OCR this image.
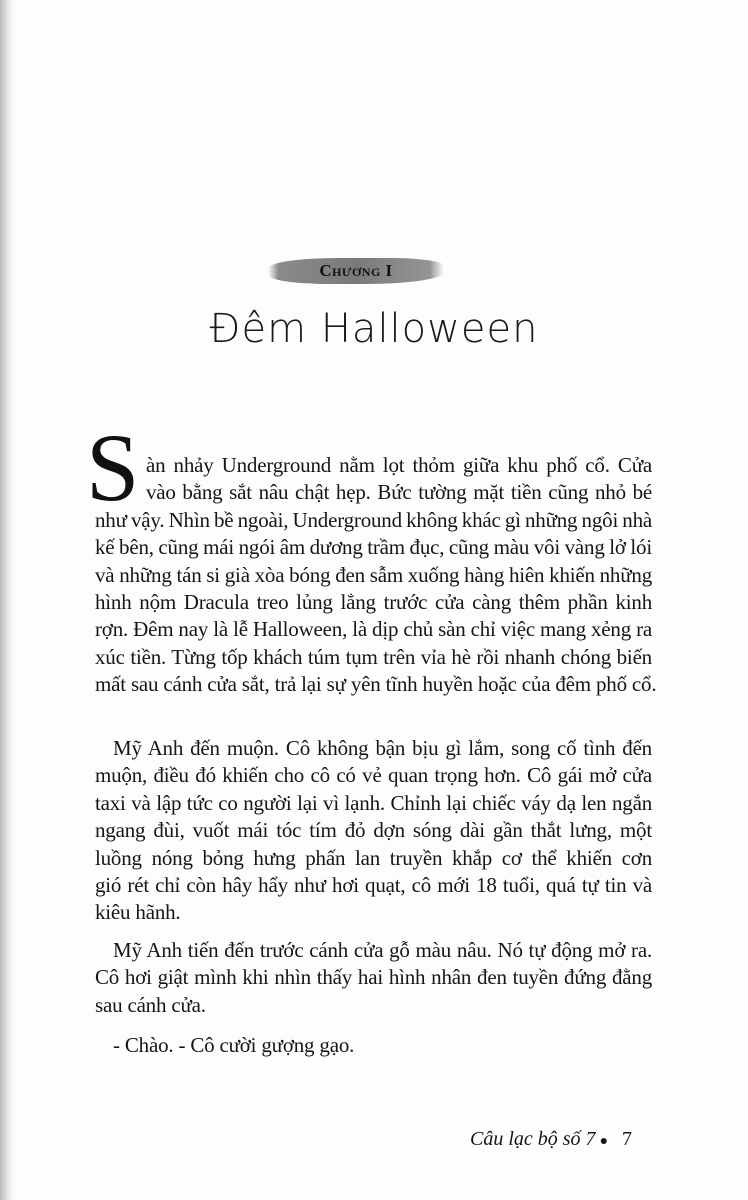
Chương I
Đêm Halloween
S àn nhảy Underground nằm lọt thỏm giữa khu phố cổ. Cửa
vào bằng sắt nâu chật hẹp. Bức tường mặt tiền cũng nhỏ bé
như vậy. Nhìn bề ngoài, Underground không khác gì những ngôi nhà
kế bên, cũng mái ngói âm dương trầm đục, cũng màu vôi vàng lở lói
và những tán si già xòa bóng đen sẫm xuống hàng hiên khiến những
hình nộm Dracula treo lủng lẳng trước cửa càng thêm phần kinh
rợn. Đêm nay là lễ Halloween, là dịp chủ sàn chỉ việc mang xẻng ra
xúc tiền. Từng tốp khách túm tụm trên vỉa hè rồi nhanh chóng biến
mất sau cánh cửa sắt, trả lại sự yên tĩnh huyền hoặc của đêm phố cổ.
Mỹ Anh đến muộn. Cô không bận bịu gì lắm, song cố tình đến
muộn, điều đó khiến cho cô có vẻ quan trọng hơn. Cô gái mở cửa
taxi và lập tức co người lại vì lạnh. Chỉnh lại chiếc váy dạ len ngắn
ngang đùi, vuốt mái tóc tím đỏ dợn sóng dài gần thắt lưng, một
luồng nóng bỏng hưng phấn lan truyền khắp cơ thể khiến cơn
gió rét chỉ còn hây hẩy như hơi quạt, cô mới 18 tuổi, quá tự tin và
kiêu hãnh.
Mỹ Anh tiến đến trước cánh cửa gỗ màu nâu. Nó tự động mở ra.
Cô hơi giật mình khi nhìn thấy hai hình nhân đen tuyền đứng đằng
sau cánh cửa.
- Chào. - Cô cười gượng gạo.
Câu lạc bộ số 7 ● 7
